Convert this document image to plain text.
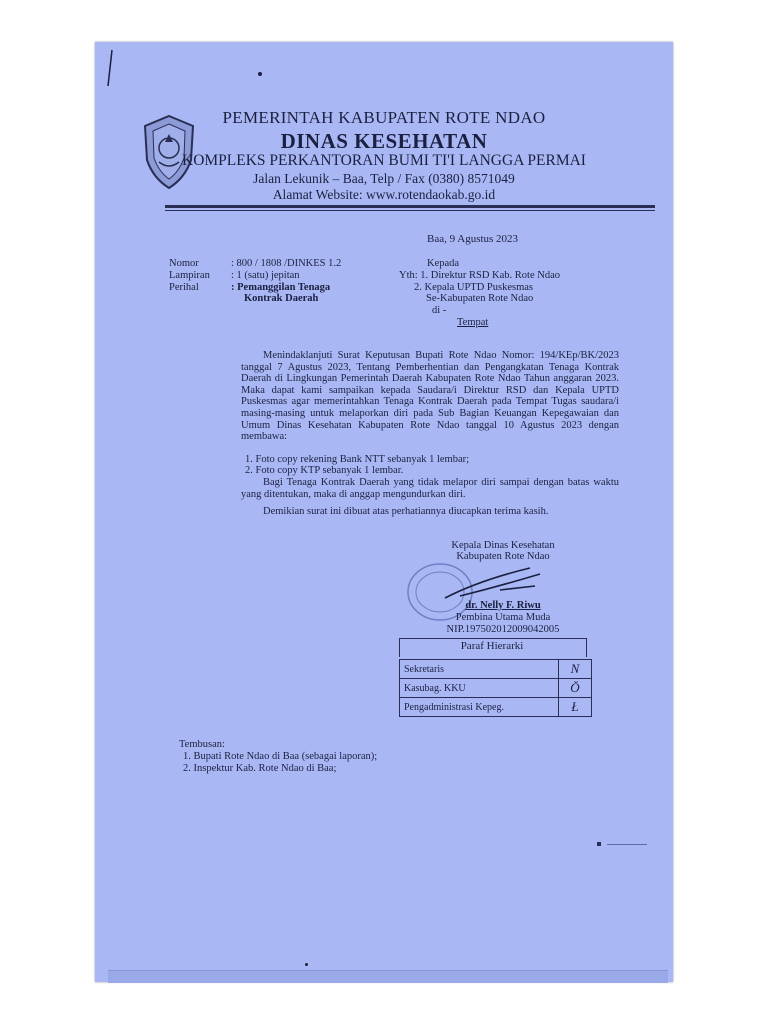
PEMERINTAH KABUPATEN ROTE NDAO
DINAS KESEHATAN
KOMPLEKS PERKANTORAN BUMI TI'I LANGGA PERMAI
Jalan Lekunik – Baa, Telp / Fax (0380) 8571049
Alamat Website: www.rotendaokab.go.id
Baa, 9 Agustus 2023
Nomor	: 800 / 1808 /DINKES 1.2
Lampiran : 1 (satu) jepitan
Perihal	: Pemanggilan Tenaga
Kontrak Daerah
Kepada
Yth: 1. Direktur RSD Kab. Rote Ndao
2. Kepala UPTD Puskesmas
Se-Kabupaten Rote Ndao
di -
Tempat
Menindaklanjuti Surat Keputusan Bupati Rote Ndao Nomor: 194/KEp/BK/2023 tanggal 7 Agustus 2023, Tentang Pemberhentian dan Pengangkatan Tenaga Kontrak Daerah di Lingkungan Pemerintah Daerah Kabupaten Rote Ndao Tahun anggaran 2023. Maka dapat kami sampaikan kepada Saudara/i Direktur RSD dan Kepala UPTD Puskesmas agar memerintahkan Tenaga Kontrak Daerah pada Tempat Tugas saudara/i masing-masing untuk melaporkan diri pada Sub Bagian Keuangan Kepegawaian dan Umum Dinas Kesehatan Kabupaten Rote Ndao tanggal 10 Agustus 2023 dengan membawa:
1. Foto copy rekening Bank NTT sebanyak 1 lembar;
2. Foto copy KTP sebanyak 1 lembar.
Bagi Tenaga Kontrak Daerah yang tidak melapor diri sampai dengan batas waktu yang ditentukan, maka di anggap mengundurkan diri.
Demikian surat ini dibuat atas perhatiannya diucapkan terima kasih.
Kepala Dinas Kesehatan
Kabupaten Rote Ndao
dr. Nelly F. Riwu
Pembina Utama Muda
NIP.197502012009042005
Paraf Hierarki
Sekretaris	N
Kasubag. KKU	Ŏ
Pengadministrasi Kepeg.	Ł
Tembusan:
1. Bupati Rote Ndao di Baa (sebagai laporan);
2. Inspektur Kab. Rote Ndao di Baa;
